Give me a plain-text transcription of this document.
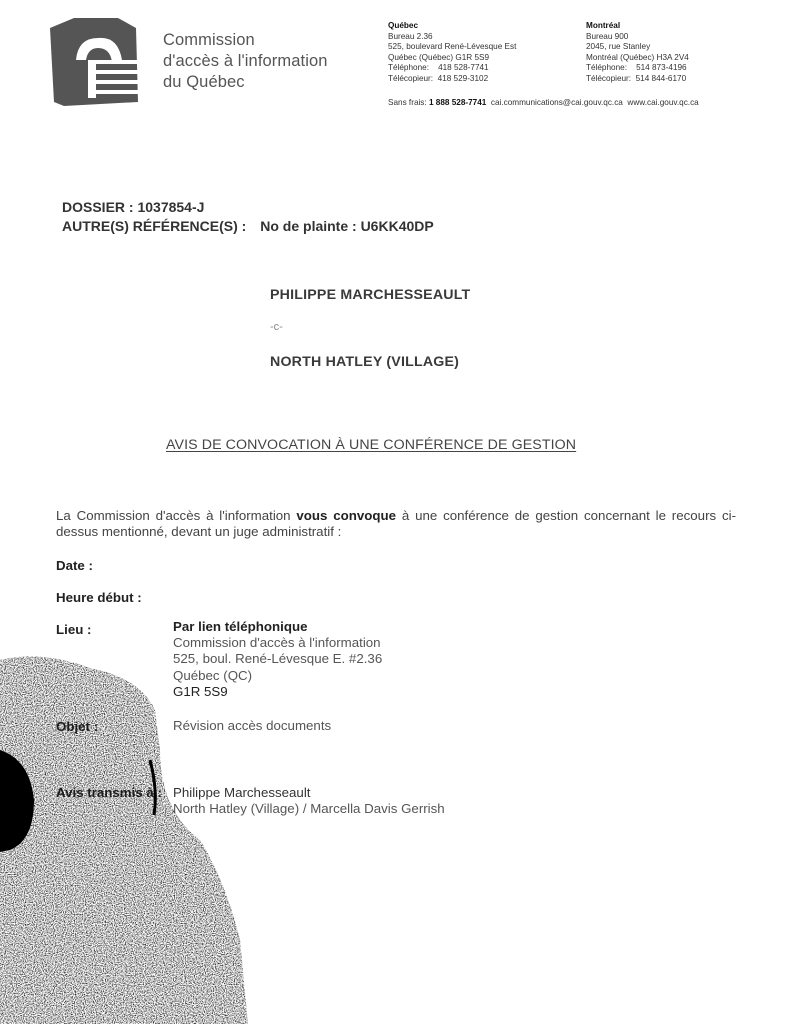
Commission
d'accès à l'information
du Québec
Québec
Bureau 2.36
525, boulevard René-Lévesque Est
Québec (Québec) G1R 5S9
Téléphone:    418 528-7741
Télécopieur:  418 529-3102
Montréal
Bureau 900
2045, rue Stanley
Montréal (Québec) H3A 2V4
Téléphone:    514 873-4196
Télécopieur:  514 844-6170
Sans frais: 1 888 528-7741 cai.communications@cai.gouv.qc.ca www.cai.gouv.qc.ca
DOSSIER : 1037854-J
AUTRE(S) RÉFÉRENCE(S) : No de plainte : U6KK40DP
PHILIPPE MARCHESSEAULT
-c-
NORTH HATLEY (VILLAGE)
AVIS DE CONVOCATION À UNE CONFÉRENCE DE GESTION
La Commission d'accès à l'information vous convoque à une conférence de gestion concernant le recours ci-dessus mentionné, devant un juge administratif :
Date :
Heure début :
Lieu :	Par lien téléphonique
Commission d'accès à l'information
525, boul. René-Lévesque E. #2.36
Québec (QC)
G1R 5S9
Révision accès documents
Philippe Marchesseault
North Hatley (Village) / Marcella Davis Gerrish
